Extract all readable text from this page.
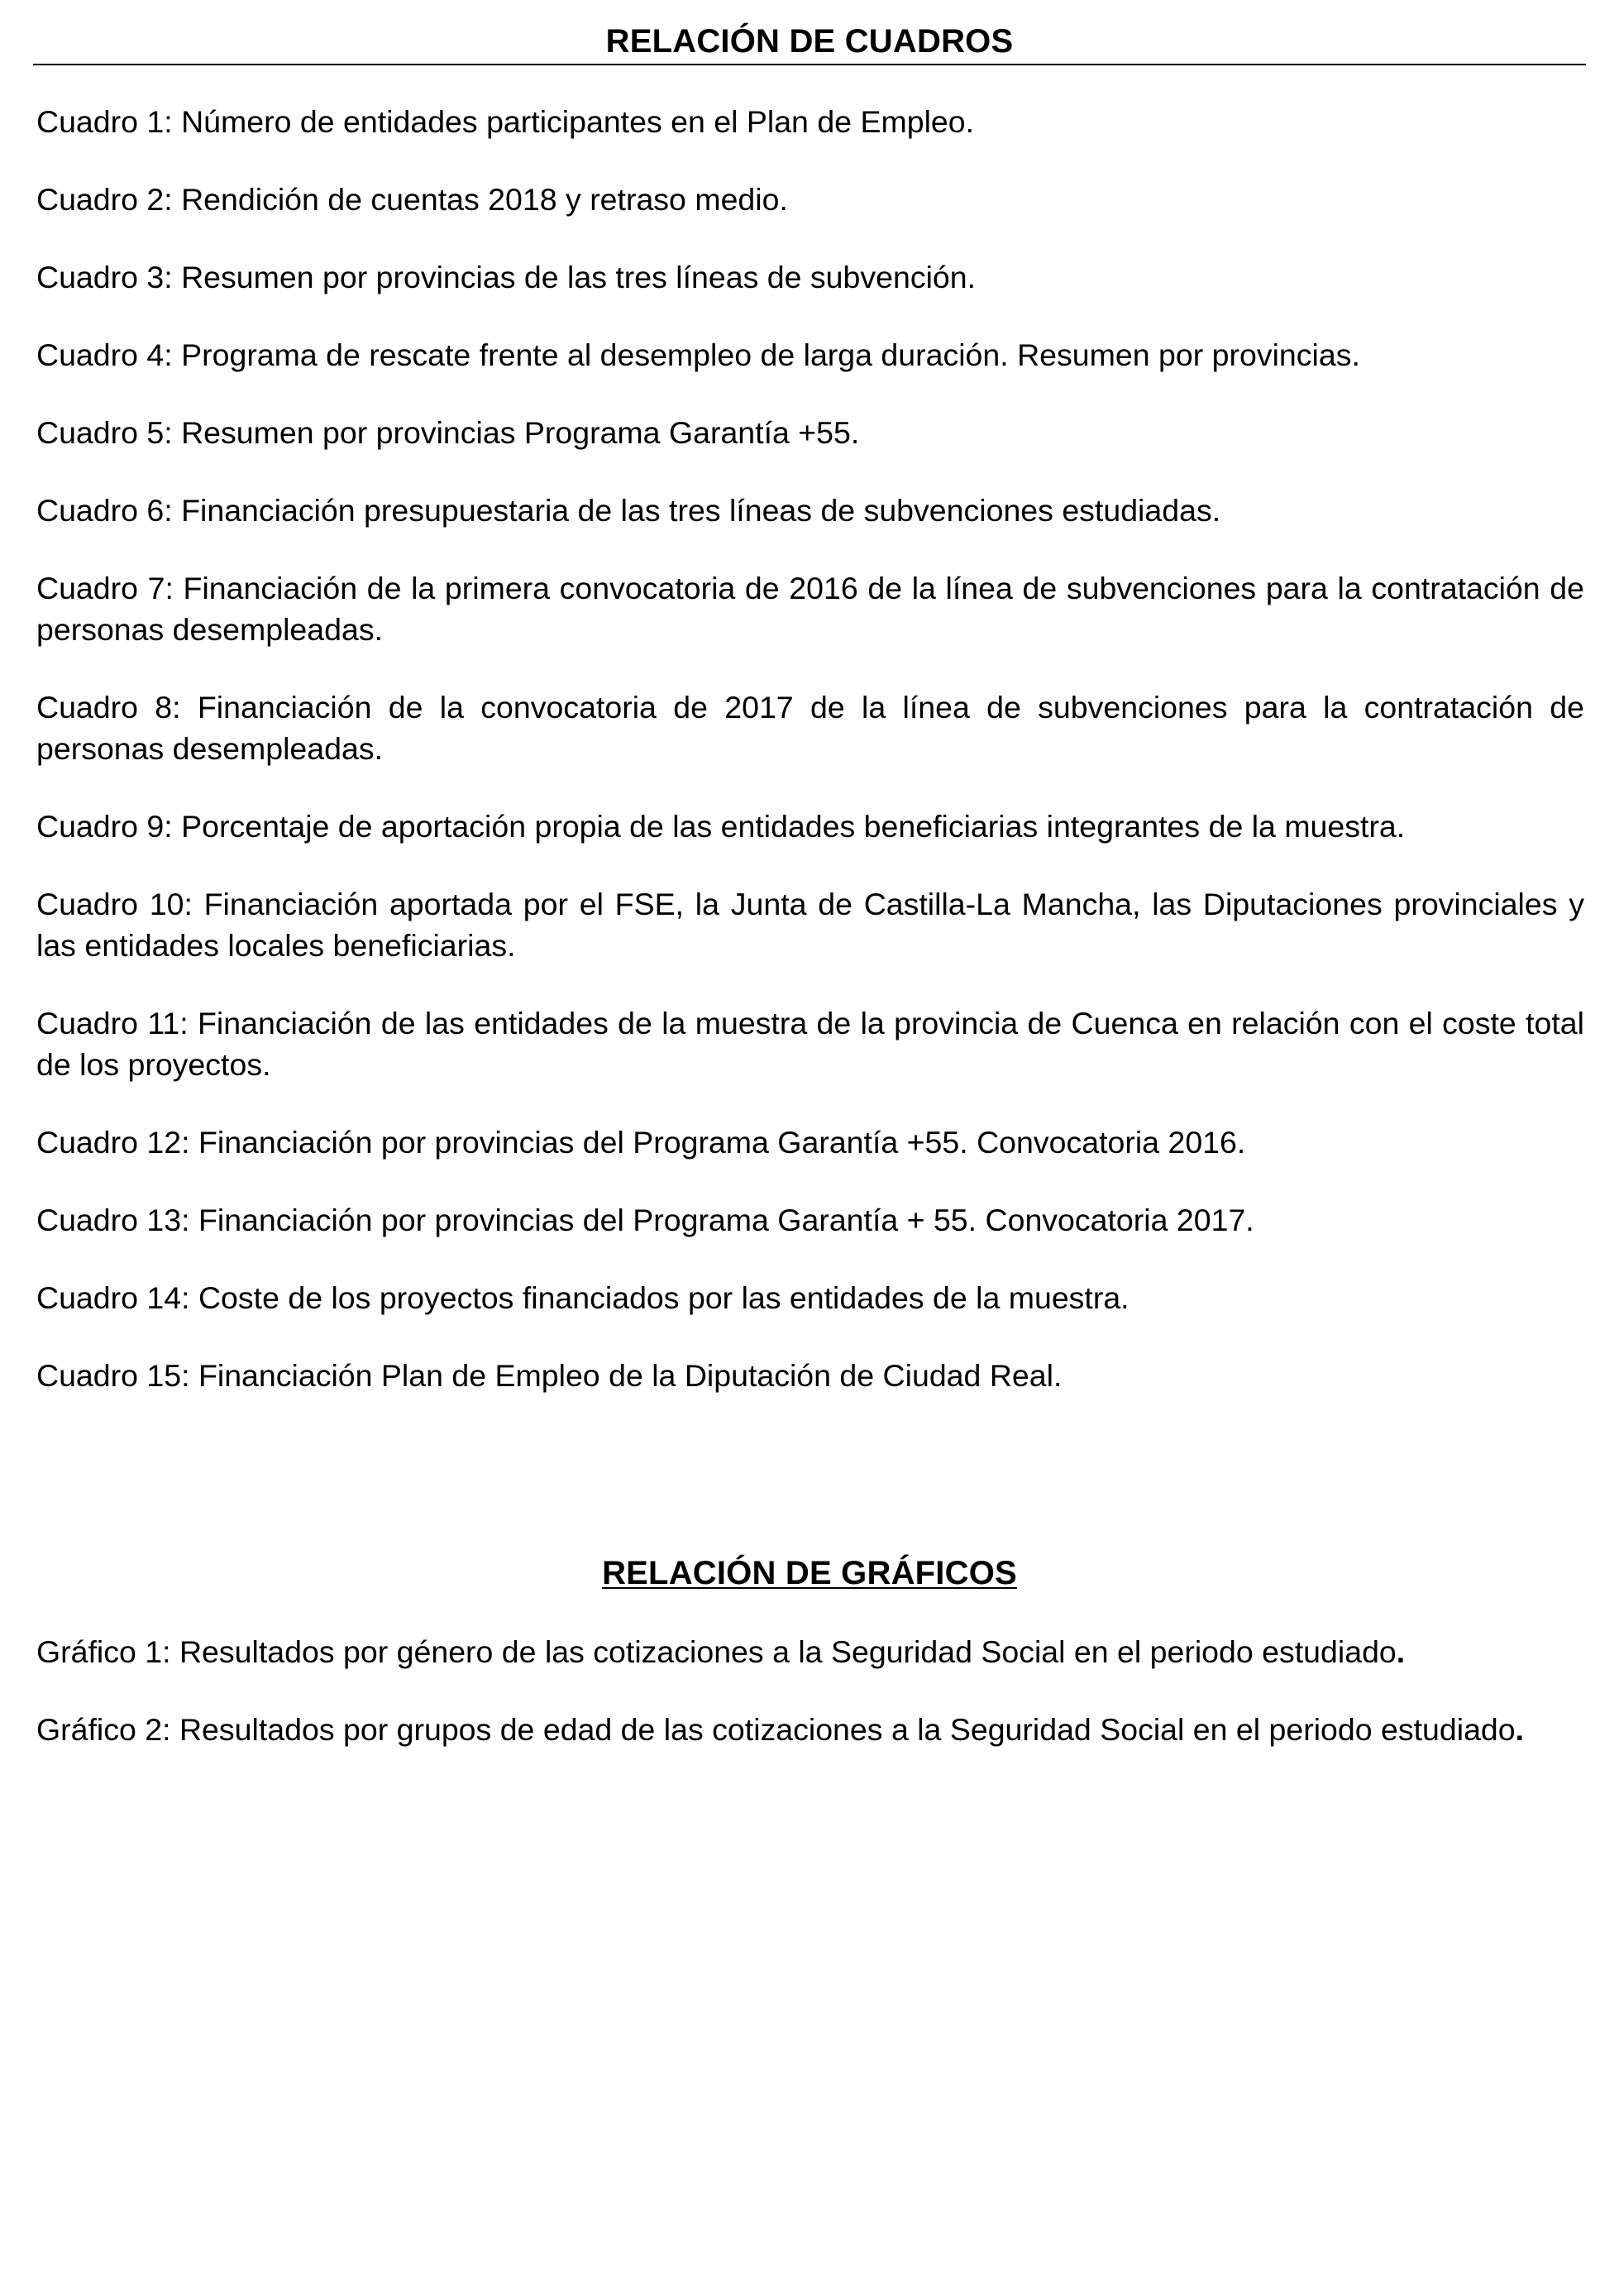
RELACIÓN DE CUADROS
Cuadro 1: Número de entidades participantes en el Plan de Empleo.
Cuadro 2: Rendición de cuentas 2018 y retraso medio.
Cuadro 3: Resumen por provincias de las tres líneas de subvención.
Cuadro 4: Programa de rescate frente al desempleo de larga duración. Resumen por provincias.
Cuadro 5: Resumen por provincias Programa Garantía +55.
Cuadro 6: Financiación presupuestaria de las tres líneas de subvenciones estudiadas.
Cuadro 7: Financiación de la primera convocatoria de 2016 de la línea de subvenciones para la contratación de personas desempleadas.
Cuadro 8: Financiación de la convocatoria de 2017 de la línea de subvenciones para la contratación de personas desempleadas.
Cuadro 9: Porcentaje de aportación propia de las entidades beneficiarias integrantes de la muestra.
Cuadro 10: Financiación aportada por el FSE, la Junta de Castilla-La Mancha, las Diputaciones provinciales y las entidades locales beneficiarias.
Cuadro 11: Financiación de las entidades de la muestra de la provincia de Cuenca en relación con el coste total de los proyectos.
Cuadro 12: Financiación por provincias del Programa Garantía +55. Convocatoria 2016.
Cuadro 13: Financiación por provincias del Programa Garantía + 55. Convocatoria 2017.
Cuadro 14: Coste de los proyectos financiados por las entidades de la muestra.
Cuadro 15: Financiación Plan de Empleo de la Diputación de Ciudad Real.
RELACIÓN DE GRÁFICOS
Gráfico 1: Resultados por género de las cotizaciones a la Seguridad Social en el periodo estudiado.
Gráfico 2: Resultados por grupos de edad de las cotizaciones a la Seguridad Social en el periodo estudiado.
